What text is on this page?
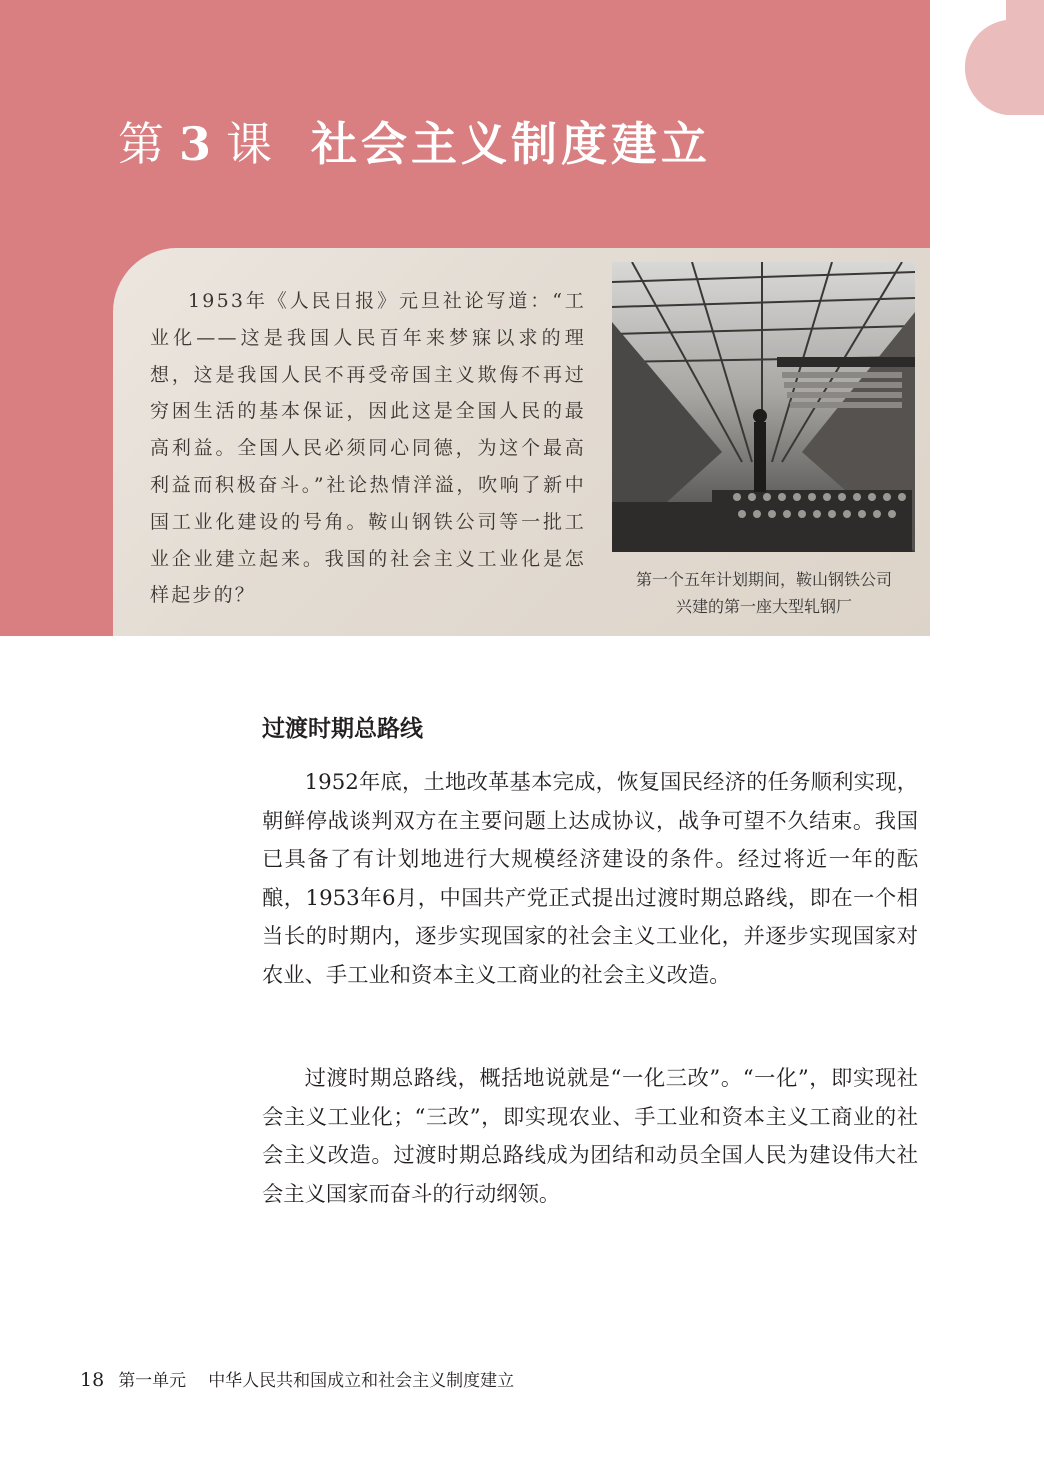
第 3 课 社会主义制度建立

1953年《人民日报》元旦社论写道：“工业化——这是我国人民百年来梦寐以求的理想，这是我国人民不再受帝国主义欺侮不再过穷困生活的基本保证，因此这是全国人民的最高利益。全国人民必须同心同德，为这个最高利益而积极奋斗。”社论热情洋溢，吹响了新中国工业化建设的号角。鞍山钢铁公司等一批工业企业建立起来。我国的社会主义工业化是怎样起步的？

第一个五年计划期间，鞍山钢铁公司
兴建的第一座大型轧钢厂
过渡时期总路线

1952年底，土地改革基本完成，恢复国民经济的任务顺利实现，朝鲜停战谈判双方在主要问题上达成协议，战争可望不久结束。我国已具备了有计划地进行大规模经济建设的条件。经过将近一年的酝酿，1953年6月，中国共产党正式提出过渡时期总路线，即在一个相当长的时期内，逐步实现国家的社会主义工业化，并逐步实现国家对农业、手工业和资本主义工商业的社会主义改造。

过渡时期总路线，概括地说就是“一化三改”。“一化”，即实现社会主义工业化；“三改”，即实现农业、手工业和资本主义工商业的社会主义改造。过渡时期总路线成为团结和动员全国人民为建设伟大社会主义国家而奋斗的行动纲领。

18 第一单元 中华人民共和国成立和社会主义制度建立
